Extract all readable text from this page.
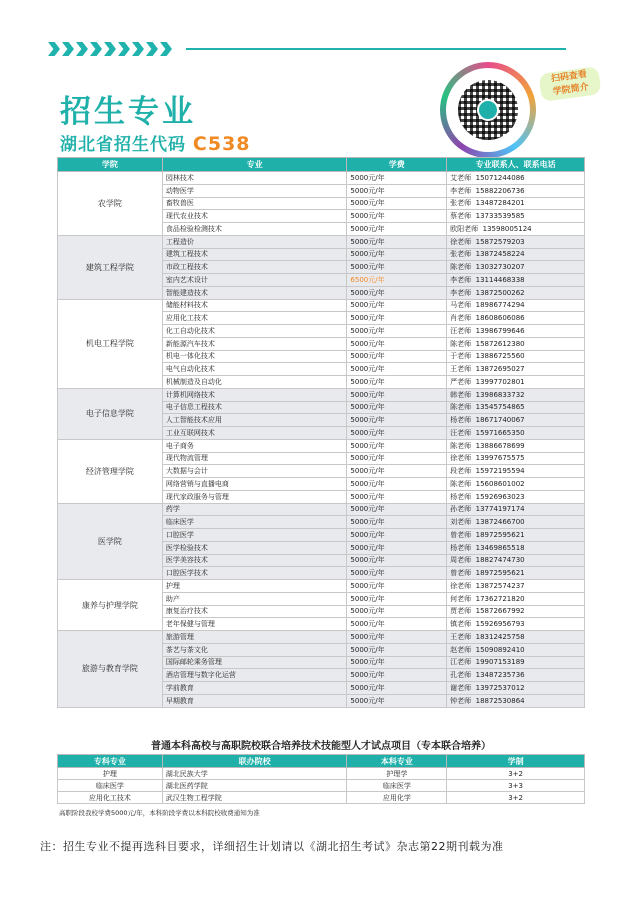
招生专业
湖北省招生代码 C538
扫码查看
学院简介
学院	专业	学费	专业联系人、联系电话
农学院	园林技术	5000元/年	艾老师 15071244086
	动物医学	5000元/年	李老师 15882206736
	畜牧兽医	5000元/年	张老师 13487284201
	现代农业技术	5000元/年	蔡老师 13733539585
	食品检验检测技术	5000元/年	欧阳老师 13598005124
建筑工程学院	工程造价	5000元/年	徐老师 15872579203
	建筑工程技术	5000元/年	张老师 13872458224
	市政工程技术	5000元/年	陈老师 13032730207
	室内艺术设计	6500元/年	李老师 13114468338
	智能建造技术	5000元/年	李老师 13872500262
机电工程学院	储能材料技术	5000元/年	马老师 18986774294
	应用化工技术	5000元/年	肖老师 18608606086
	化工自动化技术	5000元/年	汪老师 13986799646
	新能源汽车技术	5000元/年	陈老师 15872612380
	机电一体化技术	5000元/年	于老师 13886725560
	电气自动化技术	5000元/年	王老师 13872695027
	机械制造及自动化	5000元/年	严老师 13997702801
电子信息学院	计算机网络技术	5000元/年	韩老师 13986833732
	电子信息工程技术	5000元/年	陈老师 13545754865
	人工智能技术应用	5000元/年	杨老师 18671740067
	工业互联网技术	5000元/年	汪老师 15971665350
经济管理学院	电子商务	5000元/年	陈老师 13886678699
	现代物流管理	5000元/年	徐老师 13997675575
	大数据与会计	5000元/年	段老师 15972195594
	网络营销与直播电商	5000元/年	陈老师 15608601002
	现代家政服务与管理	5000元/年	杨老师 15926963023
医学院	药学	5000元/年	孙老师 13774197174
	临床医学	5000元/年	刘老师 13872466700
	口腔医学	5000元/年	曾老师 18972595621
	医学检验技术	5000元/年	杨老师 13469865518
	医学美容技术	5000元/年	周老师 18827474730
	口腔医学技术	5000元/年	曾老师 18972595621
康养与护理学院	护理	5000元/年	徐老师 13872574237
	助产	5000元/年	何老师 17362721820
	康复治疗技术	5000元/年	贾老师 15872667992
	老年保健与管理	5000元/年	镇老师 15926956793
旅游与教育学院	旅游管理	5000元/年	王老师 18312425758
	茶艺与茶文化	5000元/年	赵老师 15090892410
	国际邮轮乘务管理	5000元/年	江老师 19907153189
	酒店管理与数字化运营	5000元/年	孔老师 13487235736
	学前教育	5000元/年	谢老师 13972537012
	早期教育	5000元/年	钟老师 18872530864
普通本科高校与高职院校联合培养技术技能型人才试点项目（专本联合培养）
专科专业	联办院校	本科专业	学制
护理	湖北民族大学	护理学	3+2
临床医学	湖北医药学院	临床医学	3+3
应用化工技术	武汉生物工程学院	应用化学	3+2
高职阶段我校学费5000元/年，本科阶段学费以本科院校收费通知为准
注：招生专业不提再选科目要求，详细招生计划请以《湖北招生考试》杂志第22期刊载为准
